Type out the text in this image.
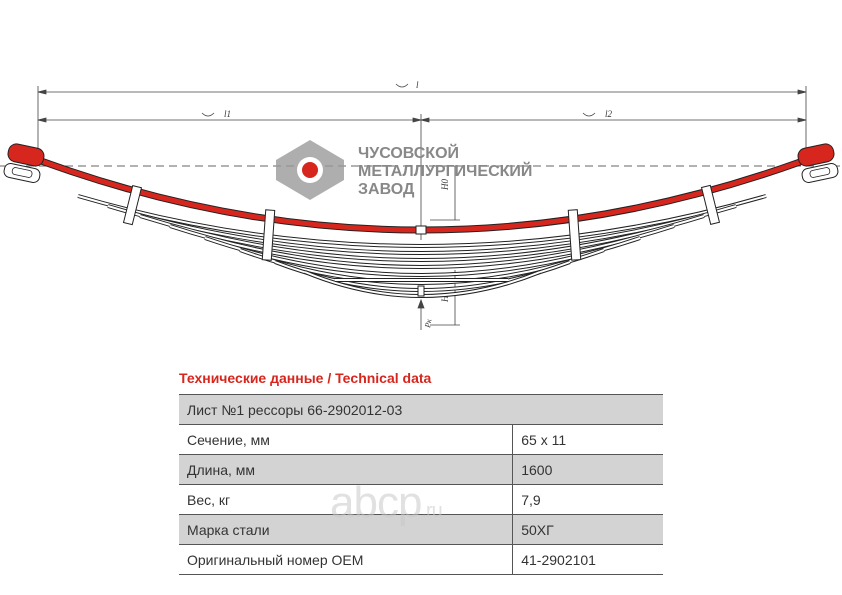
l
l1	l2
H0
H
Pк
ЧУСОВСКОЙ
МЕТАЛЛУРГИЧЕСКИЙ
ЗАВОД
Технические данные / Technical data
Лист №1 рессоры 66-2902012-03	
Сечение, мм	65 x 11
Длина, мм	1600
Вес, кг	7,9
Марка стали	50ХГ
Оригинальный номер OEM	41-2902101
abcp.ru
